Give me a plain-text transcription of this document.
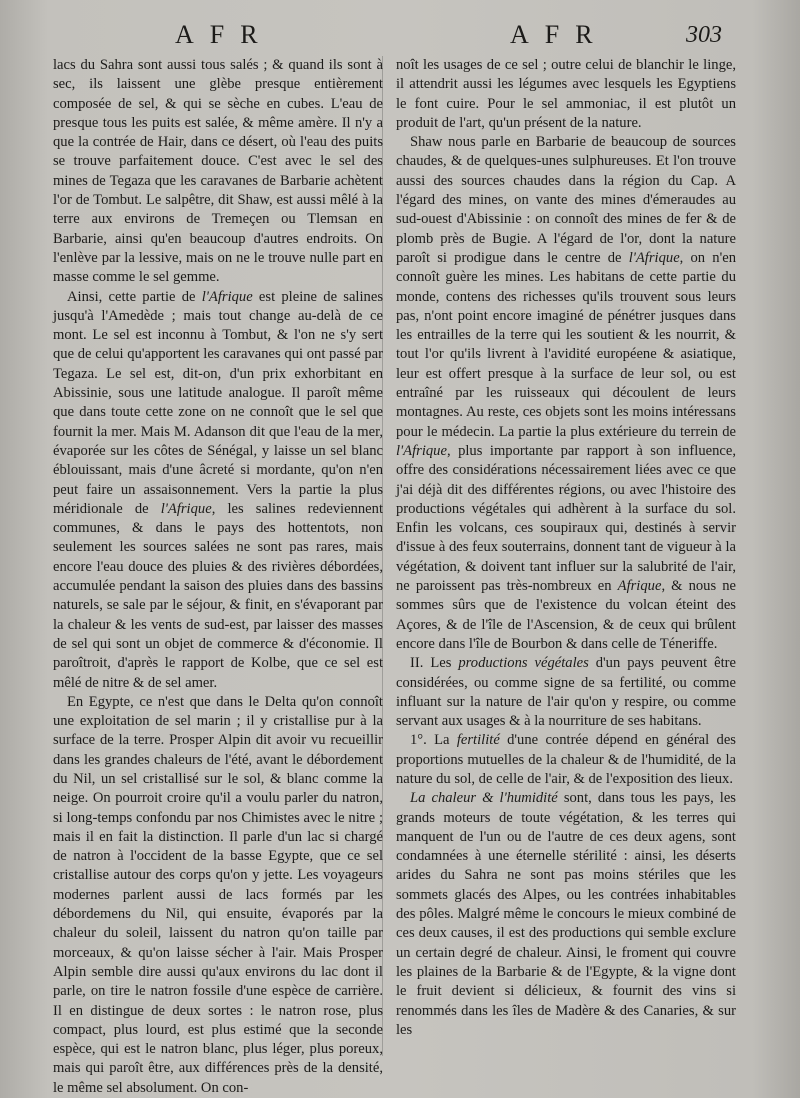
AFR	AFR	303

lacs du Sahra sont aussi tous salés ; & quand ils sont à sec, ils laissent une glèbe presque entièrement composée de sel, & qui se sèche en cubes. L'eau de presque tous les puits est salée, & même amère. Il n'y a que la contrée de Hair, dans ce désert, où l'eau des puits se trouve parfaitement douce. C'est avec le sel des mines de Tegaza que les caravanes de Barbarie achètent l'or de Tombut. Le salpêtre, dit Shaw, est aussi mêlé à la terre aux environs de Tremeçen ou Tlemsan en Barbarie, ainsi qu'en beaucoup d'autres endroits. On l'enlève par la lessive, mais on ne le trouve nulle part en masse comme le sel gemme.

Ainsi, cette partie de l'Afrique est pleine de salines jusqu'à l'Amedède ; mais tout change au-delà de ce mont. Le sel est inconnu à Tombut, & l'on ne s'y sert que de celui qu'apportent les caravanes qui ont passé par Tegaza. Le sel est, dit-on, d'un prix exhorbitant en Abissinie, sous une latitude analogue. Il paroît même que dans toute cette zone on ne connoît que le sel que fournit la mer. Mais M. Adanson dit que l'eau de la mer, évaporée sur les côtes de Sénégal, y laisse un sel blanc éblouissant, mais d'une âcreté si mordante, qu'on n'en peut faire un assaisonnement. Vers la partie la plus méridionale de l'Afrique, les salines redeviennent communes, & dans le pays des hottentots, non seulement les sources salées ne sont pas rares, mais encore l'eau douce des pluies & des rivières débordées, accumulée pendant la saison des pluies dans des bassins naturels, se sale par le séjour, & finit, en s'évaporant par la chaleur & les vents de sud-est, par laisser des masses de sel qui sont un objet de commerce & d'économie. Il paroîtroit, d'après le rapport de Kolbe, que ce sel est mêlé de nitre & de sel amer.

En Egypte, ce n'est que dans le Delta qu'on connoît une exploitation de sel marin ; il y cristallise pur à la surface de la terre. Prosper Alpin dit avoir vu recueillir dans les grandes chaleurs de l'été, avant le débordement du Nil, un sel cristallisé sur le sol, & blanc comme la neige. On pourroit croire qu'il a voulu parler du natron, si long-temps confondu par nos Chimistes avec le nitre ; mais il en fait la distinction. Il parle d'un lac si chargé de natron à l'occident de la basse Egypte, que ce sel cristallise autour des corps qu'on y jette. Les voyageurs modernes parlent aussi de lacs formés par les débordemens du Nil, qui ensuite, évaporés par la chaleur du soleil, laissent du natron qu'on taille par morceaux, & qu'on laisse sécher à l'air. Mais Prosper Alpin semble dire aussi qu'aux environs du lac dont il parle, on tire le natron fossile d'une espèce de carrière. Il en distingue de deux sortes : le natron rose, plus compact, plus lourd, est plus estimé que la seconde espèce, qui est le natron blanc, plus léger, plus poreux, mais qui paroît être, aux différences près de la densité, le même sel absolument. On con-

noît les usages de ce sel ; outre celui de blanchir le linge, il attendrit aussi les légumes avec lesquels les Egyptiens le font cuire. Pour le sel ammoniac, il est plutôt un produit de l'art, qu'un présent de la nature.

Shaw nous parle en Barbarie de beaucoup de sources chaudes, & de quelques-unes sulphureuses. Et l'on trouve aussi des sources chaudes dans la région du Cap. A l'égard des mines, on vante des mines d'émeraudes au sud-ouest d'Abissinie : on connoît des mines de fer & de plomb près de Bugie. A l'égard de l'or, dont la nature paroît si prodigue dans le centre de l'Afrique, on n'en connoît guère les mines. Les habitans de cette partie du monde, contens des richesses qu'ils trouvent sous leurs pas, n'ont point encore imaginé de pénétrer jusques dans les entrailles de la terre qui les soutient & les nourrit, & tout l'or qu'ils livrent à l'avidité européene & asiatique, leur est offert presque à la surface de leur sol, ou est entraîné par les ruisseaux qui découlent de leurs montagnes. Au reste, ces objets sont les moins intéressans pour le médecin. La partie la plus extérieure du terrein de l'Afrique, plus importante par rapport à son influence, offre des considérations nécessairement liées avec ce que j'ai déjà dit des différentes régions, ou avec l'histoire des productions végétales qui adhèrent à la surface du sol. Enfin les volcans, ces soupiraux qui, destinés à servir d'issue à des feux souterrains, donnent tant de vigueur à la végétation, & doivent tant influer sur la salubrité de l'air, ne paroissent pas très-nombreux en Afrique, & nous ne sommes sûrs que de l'existence du volcan éteint des Açores, & de l'île de l'Ascension, & de ceux qui brûlent encore dans l'île de Bourbon & dans celle de Téneriffe.

II. Les productions végétales d'un pays peuvent être considérées, ou comme signe de sa fertilité, ou comme influant sur la nature de l'air qu'on y respire, ou comme servant aux usages & à la nourriture de ses habitans.

1°. La fertilité d'une contrée dépend en général des proportions mutuelles de la chaleur & de l'humidité, de la nature du sol, de celle de l'air, & de l'exposition des lieux.

La chaleur & l'humidité sont, dans tous les pays, les grands moteurs de toute végétation, & les terres qui manquent de l'un ou de l'autre de ces deux agens, sont condamnées à une éternelle stérilité : ainsi, les déserts arides du Sahra ne sont pas moins stériles que les sommets glacés des Alpes, ou les contrées inhabitables des pôles. Malgré même le concours le mieux combiné de ces deux causes, il est des productions qui semble exclure un certain degré de chaleur. Ainsi, le froment qui couvre les plaines de la Barbarie & de l'Egypte, & la vigne dont le fruit devient si délicieux, & fournit des vins si renommés dans les îles de Madère & des Canaries, & sur les
